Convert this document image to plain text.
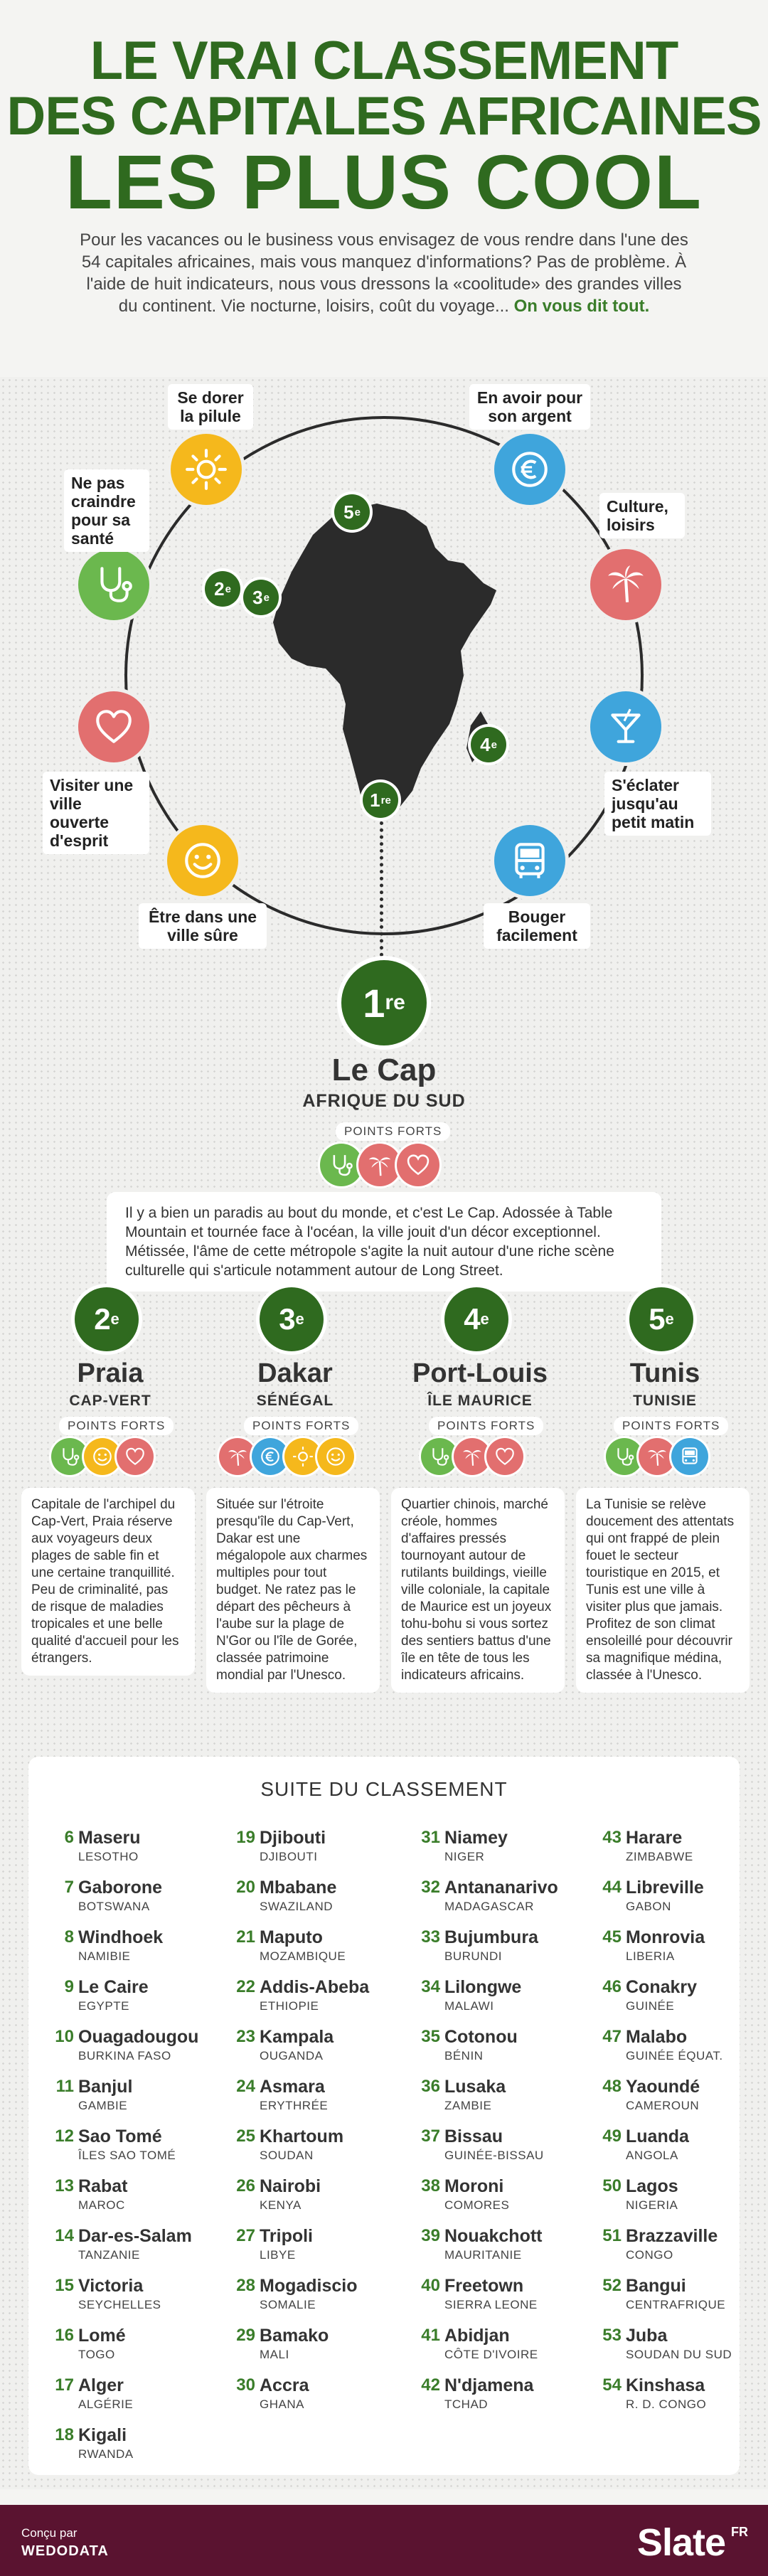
LE VRAI CLASSEMENT
DES CAPITALES AFRICAINES
LES PLUS COOL
Pour les vacances ou le business vous envisagez de vous rendre dans l'une des 54 capitales africaines, mais vous manquez d'informations? Pas de problème. À l'aide de huit indicateurs, nous vous dressons la «coolitude» des grandes villes du continent. Vie nocturne, loisirs, coût du voyage... On vous dit tout.
5 e
2 e 3 e
4 e
1 re
Se dorer la pilule
En avoir pour son argent
Culture, loisirs
S'éclater jusqu'au petit matin
Bouger facilement
Être dans une ville sûre
Visiter une ville ouverte d'esprit
Ne pas craindre pour sa santé
1 re
Le Cap
AFRIQUE DU SUD
POINTS FORTS
Il y a bien un paradis au bout du monde, et c'est Le Cap. Adossée à Table Mountain et tournée face à l'océan, la ville jouit d'un décor exceptionnel. Métissée, l'âme de cette métropole s'agite la nuit autour d'une riche scène culturelle qui s'articule notamment autour de Long Street.
2 e
Praia
CAP-VERT
POINTS FORTS
Capitale de l'archipel du Cap-Vert, Praia réserve aux voyageurs deux plages de sable fin et une certaine tranquillité. Peu de criminalité, pas de risque de maladies tropicales et une belle qualité d'accueil pour les étrangers.
3 e
Dakar
SÉNÉGAL
POINTS FORTS
Située sur l'étroite presqu'île du Cap-Vert, Dakar est une mégalopole aux charmes multiples pour tout budget. Ne ratez pas le départ des pêcheurs à l'aube sur la plage de N'Gor ou l'île de Gorée, classée patrimoine mondial par l'Unesco.
4 e
Port-Louis
ÎLE MAURICE
POINTS FORTS
Quartier chinois, marché créole, hommes d'affaires pressés tournoyant autour de rutilants buildings, vieille ville coloniale, la capitale de Maurice est un joyeux tohu-bohu si vous sortez des sentiers battus d'une île en tête de tous les indicateurs africains.
5 e
Tunis
TUNISIE
POINTS FORTS
La Tunisie se relève doucement des attentats qui ont frappé de plein fouet le secteur touristique en 2015, et Tunis est une ville à visiter plus que jamais. Profitez de son climat ensoleillé pour découvrir sa magnifique médina, classée à l'Unesco.
SUITE DU CLASSEMENT
6 Maseru
LESOTHO
7 Gaborone
BOTSWANA
8 Windhoek
NAMIBIE
9 Le Caire
EGYPTE
10 Ouagadougou
BURKINA FASO
11 Banjul
GAMBIE
12 Sao Tomé
ÎLES SAO TOMÉ
13 Rabat
MAROC
14 Dar-es-Salam
TANZANIE
15 Victoria
SEYCHELLES
16 Lomé
TOGO
17 Alger
ALGÉRIE
18 Kigali
RWANDA
19 Djibouti
DJIBOUTI
20 Mbabane
SWAZILAND
21 Maputo
MOZAMBIQUE
22 Addis-Abeba
ETHIOPIE
23 Kampala
OUGANDA
24 Asmara
ERYTHRÉE
25 Khartoum
SOUDAN
26 Nairobi
KENYA
27 Tripoli
LIBYE
28 Mogadiscio
SOMALIE
29 Bamako
MALI
30 Accra
GHANA
31 Niamey
NIGER
32 Antananarivo
MADAGASCAR
33 Bujumbura
BURUNDI
34 Lilongwe
MALAWI
35 Cotonou
BÉNIN
36 Lusaka
ZAMBIE
37 Bissau
GUINÉE-BISSAU
38 Moroni
COMORES
39 Nouakchott
MAURITANIE
40 Freetown
SIERRA LEONE
41 Abidjan
CÔTE D'IVOIRE
42 N'djamena
TCHAD
43 Harare
ZIMBABWE
44 Libreville
GABON
45 Monrovia
LIBERIA
46 Conakry
GUINÉE
47 Malabo
GUINÉE ÉQUAT.
48 Yaoundé
CAMEROUN
49 Luanda
ANGOLA
50 Lagos
NIGERIA
51 Brazzaville
CONGO
52 Bangui
CENTRAFRIQUE
53 Juba
SOUDAN DU SUD
54 Kinshasa
R. D. CONGO
Conçu par
WEDODATA	Slate FR
